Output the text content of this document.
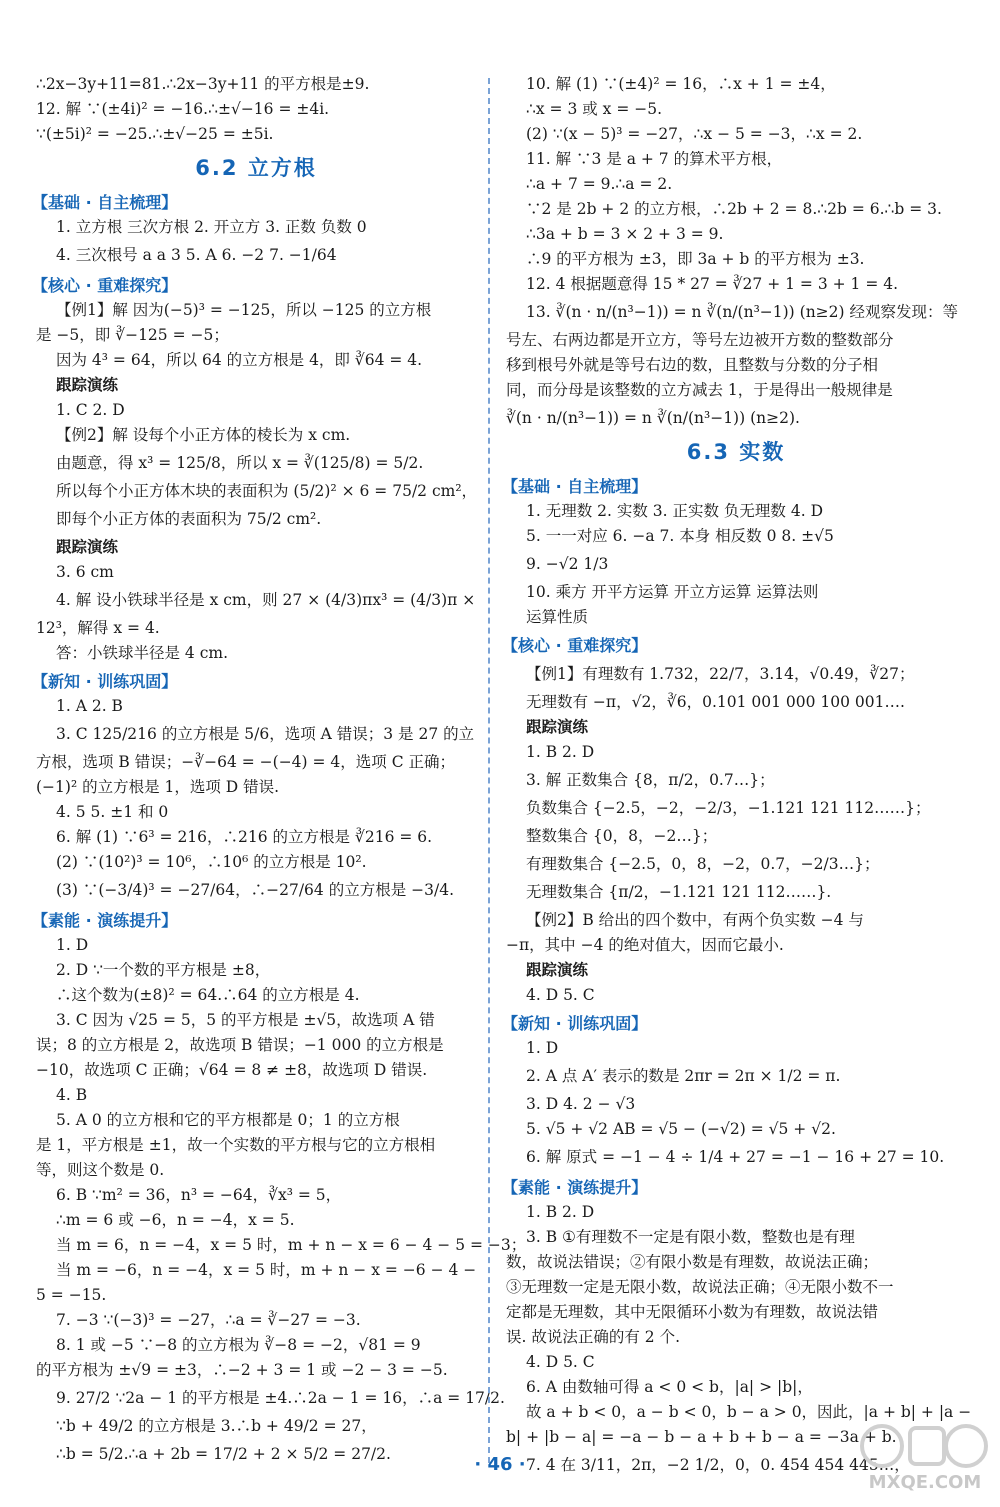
∴2x−3y+11=81.∴2x−3y+11 的平方根是±9.
12. 解 ∵(±4i)² = −16.∴±√−16 = ±4i.
∵(±5i)² = −25.∴±√−25 = ±5i.
6.2 立方根
【基础 · 自主梳理】
1. 立方根 三次方根 2. 开立方 3. 正数 负数 0
4. 三次根号 a a 3 5. A 6. −2 7. −1/64
【核心 · 重难探究】
【例1】解 因为(−5)³ = −125，所以 −125 的立方根
是 −5，即 ∛−125 = −5；
因为 4³ = 64，所以 64 的立方根是 4，即 ∛64 = 4.
跟踪演练
1. C 2. D
【例2】解 设每个小正方体的棱长为 x cm.
由题意，得 x³ = 125/8，所以 x = ∛(125/8) = 5/2.
所以每个小正方体木块的表面积为 (5/2)² × 6 = 75/2 cm²，
即每个小正方体的表面积为 75/2 cm².
跟踪演练
3. 6 cm
4. 解 设小铁球半径是 x cm，则 27 × (4/3)πx³ = (4/3)π ×
12³，解得 x = 4.
答：小铁球半径是 4 cm.
【新知 · 训练巩固】
1. A 2. B
3. C 125/216 的立方根是 5/6，选项 A 错误；3 是 27 的立
方根，选项 B 错误；−∛−64 = −(−4) = 4，选项 C 正确；
(−1)² 的立方根是 1，选项 D 错误.
4. 5 5. ±1 和 0
6. 解 (1) ∵6³ = 216，∴216 的立方根是 ∛216 = 6.
(2) ∵(10²)³ = 10⁶，∴10⁶ 的立方根是 10².
(3) ∵(−3/4)³ = −27/64，∴−27/64 的立方根是 −3/4.
【素能 · 演练提升】
1. D
2. D ∵一个数的平方根是 ±8，
∴这个数为(±8)² = 64.∴64 的立方根是 4.
3. C 因为 √25 = 5，5 的平方根是 ±√5，故选项 A 错
误；8 的立方根是 2，故选项 B 错误；−1 000 的立方根是
−10，故选项 C 正确；√64 = 8 ≠ ±8，故选项 D 错误.
4. B
5. A 0 的立方根和它的平方根都是 0；1 的立方根
是 1，平方根是 ±1，故一个实数的平方根与它的立方根相
等，则这个数是 0.
6. B ∵m² = 36，n³ = −64，∛x³ = 5，
∴m = 6 或 −6，n = −4，x = 5.
当 m = 6，n = −4，x = 5 时，m + n − x = 6 − 4 − 5 = −3；
当 m = −6，n = −4，x = 5 时，m + n − x = −6 − 4 −
5 = −15.
7. −3 ∵(−3)³ = −27，∴a = ∛−27 = −3.
8. 1 或 −5 ∵−8 的立方根为 ∛−8 = −2，√81 = 9
的平方根为 ±√9 = ±3，∴−2 + 3 = 1 或 −2 − 3 = −5.
9. 27/2 ∵2a − 1 的平方根是 ±4.∴2a − 1 = 16，∴a = 17/2.
∵b + 49/2 的立方根是 3.∴b + 49/2 = 27，
∴b = 5/2.∴a + 2b = 17/2 + 2 × 5/2 = 27/2.
10. 解 (1) ∵(±4)² = 16，∴x + 1 = ±4，
∴x = 3 或 x = −5.
(2) ∵(x − 5)³ = −27，∴x − 5 = −3，∴x = 2.
11. 解 ∵3 是 a + 7 的算术平方根，
∴a + 7 = 9.∴a = 2.
∵2 是 2b + 2 的立方根，∴2b + 2 = 8.∴2b = 6.∴b = 3.
∴3a + b = 3 × 2 + 3 = 9.
∴9 的平方根为 ±3，即 3a + b 的平方根为 ±3.
12. 4 根据题意得 15 * 27 = ∛27 + 1 = 3 + 1 = 4.
13. ∛(n · n/(n³−1)) = n ∛(n/(n³−1)) (n≥2) 经观察发现：等
号左、右两边都是开立方，等号左边被开方数的整数部分
移到根号外就是等号右边的数，且整数与分数的分子相
同，而分母是该整数的立方减去 1，于是得出一般规律是
∛(n · n/(n³−1)) = n ∛(n/(n³−1)) (n≥2).
6.3 实数
【基础 · 自主梳理】
1. 无理数 2. 实数 3. 正实数 负无理数 4. D
5. 一一对应 6. −a 7. 本身 相反数 0 8. ±√5
9. −√2 1/3
10. 乘方 开平方运算 开立方运算 运算法则
运算性质
【核心 · 重难探究】
【例1】有理数有 1.732，22/7，3.14，√0.49，∛27；
无理数有 −π，√2，∛6，0.101 001 000 100 001….
跟踪演练
1. B 2. D
3. 解 正数集合 {8，π/2，0.7…}；
负数集合 {−2.5，−2，−2/3，−1.121 121 112……}；
整数集合 {0，8，−2…}；
有理数集合 {−2.5，0，8，−2，0.7，−2/3…}；
无理数集合 {π/2，−1.121 121 112……}.
【例2】B 给出的四个数中，有两个负实数 −4 与
−π，其中 −4 的绝对值大，因而它最小.
跟踪演练
4. D 5. C
【新知 · 训练巩固】
1. D
2. A 点 A′ 表示的数是 2πr = 2π × 1/2 = π.
3. D 4. 2 − √3
5. √5 + √2 AB = √5 − (−√2) = √5 + √2.
6. 解 原式 = −1 − 4 ÷ 1/4 + 27 = −1 − 16 + 27 = 10.
【素能 · 演练提升】
1. B 2. D
3. B ①有理数不一定是有限小数，整数也是有理
数，故说法错误；②有限小数是有理数，故说法正确；
③无理数一定是无限小数，故说法正确；④无限小数不一
定都是无理数，其中无限循环小数为有理数，故说法错
误. 故说法正确的有 2 个.
4. D 5. C
6. A 由数轴可得 a < 0 < b，|a| > |b|，
故 a + b < 0，a − b < 0，b − a > 0，因此，|a + b| + |a −
b| + |b − a| = −a − b − a + b + b − a = −3a + b.
7. 4 在 3/11，2π，−2 1/2，0，0. 454 454 445…，
· 46 ·
MXQE.COM
